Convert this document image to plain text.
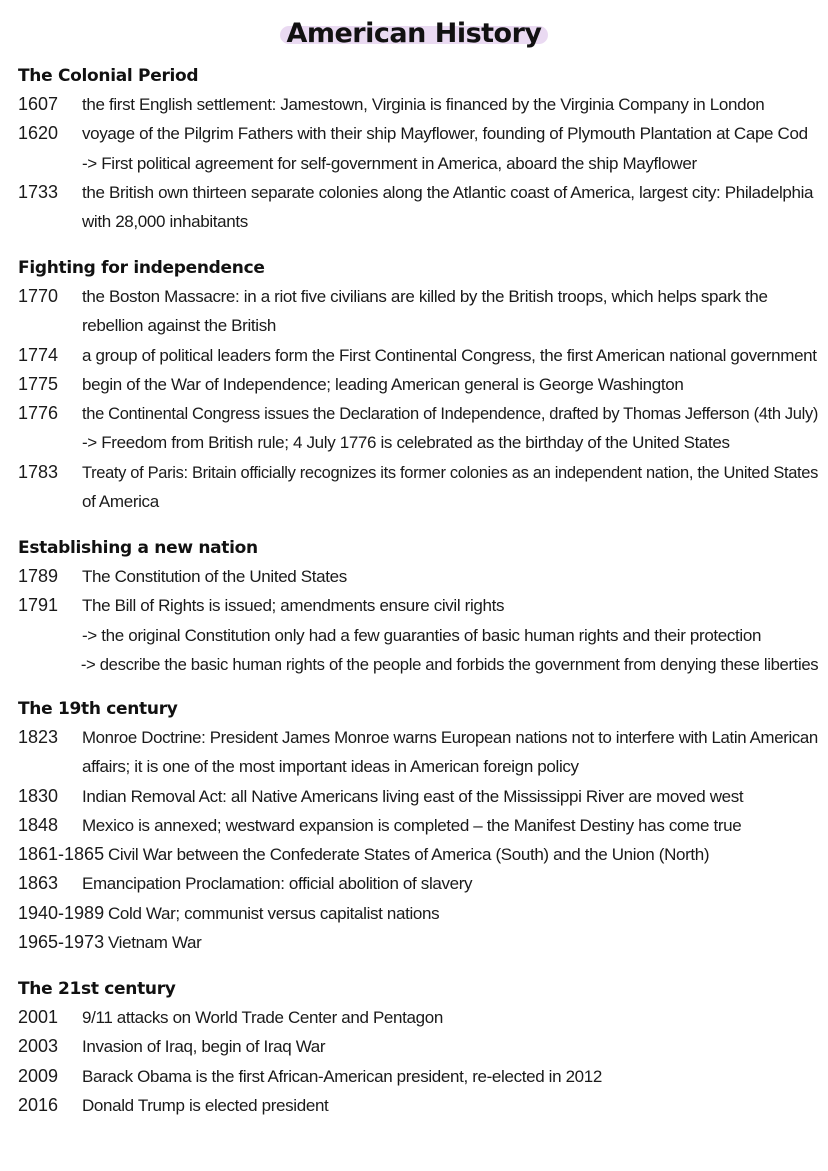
American History
The Colonial Period
1607	the first English settlement: Jamestown, Virginia is financed by the Virginia Company in London
1620	voyage of the Pilgrim Fathers with their ship Mayflower, founding of Plymouth Plantation at Cape Cod
-> First political agreement for self-government in America, aboard the ship Mayflower
1733	the British own thirteen separate colonies along the Atlantic coast of America, largest city: Philadelphia
with 28,000 inhabitants
Fighting for independence
1770	the Boston Massacre: in a riot five civilians are killed by the British troops, which helps spark the
rebellion against the British
1774	a group of political leaders form the First Continental Congress, the first American national government
1775	begin of the War of Independence; leading American general is George Washington
1776	the Continental Congress issues the Declaration of Independence, drafted by Thomas Jefferson (4th July)
-> Freedom from British rule; 4 July 1776 is celebrated as the birthday of the United States
1783	Treaty of Paris: Britain officially recognizes its former colonies as an independent nation, the United States
of America
Establishing a new nation
1789	The Constitution of the United States
1791	The Bill of Rights is issued; amendments ensure civil rights
-> the original Constitution only had a few guaranties of basic human rights and their protection
-> describe the basic human rights of the people and forbids the government from denying these liberties
The 19th century
1823	Monroe Doctrine: President James Monroe warns European nations not to interfere with Latin American
affairs; it is one of the most important ideas in American foreign policy
1830	Indian Removal Act: all Native Americans living east of the Mississippi River are moved west
1848	Mexico is annexed; westward expansion is completed – the Manifest Destiny has come true
1861-1865 Civil War between the Confederate States of America (South) and the Union (North)
1863	Emancipation Proclamation: official abolition of slavery
1940-1989 Cold War; communist versus capitalist nations
1965-1973 Vietnam War
The 21st century
2001	9/11 attacks on World Trade Center and Pentagon
2003	Invasion of Iraq, begin of Iraq War
2009	Barack Obama is the first African-American president, re-elected in 2012
2016	Donald Trump is elected president
